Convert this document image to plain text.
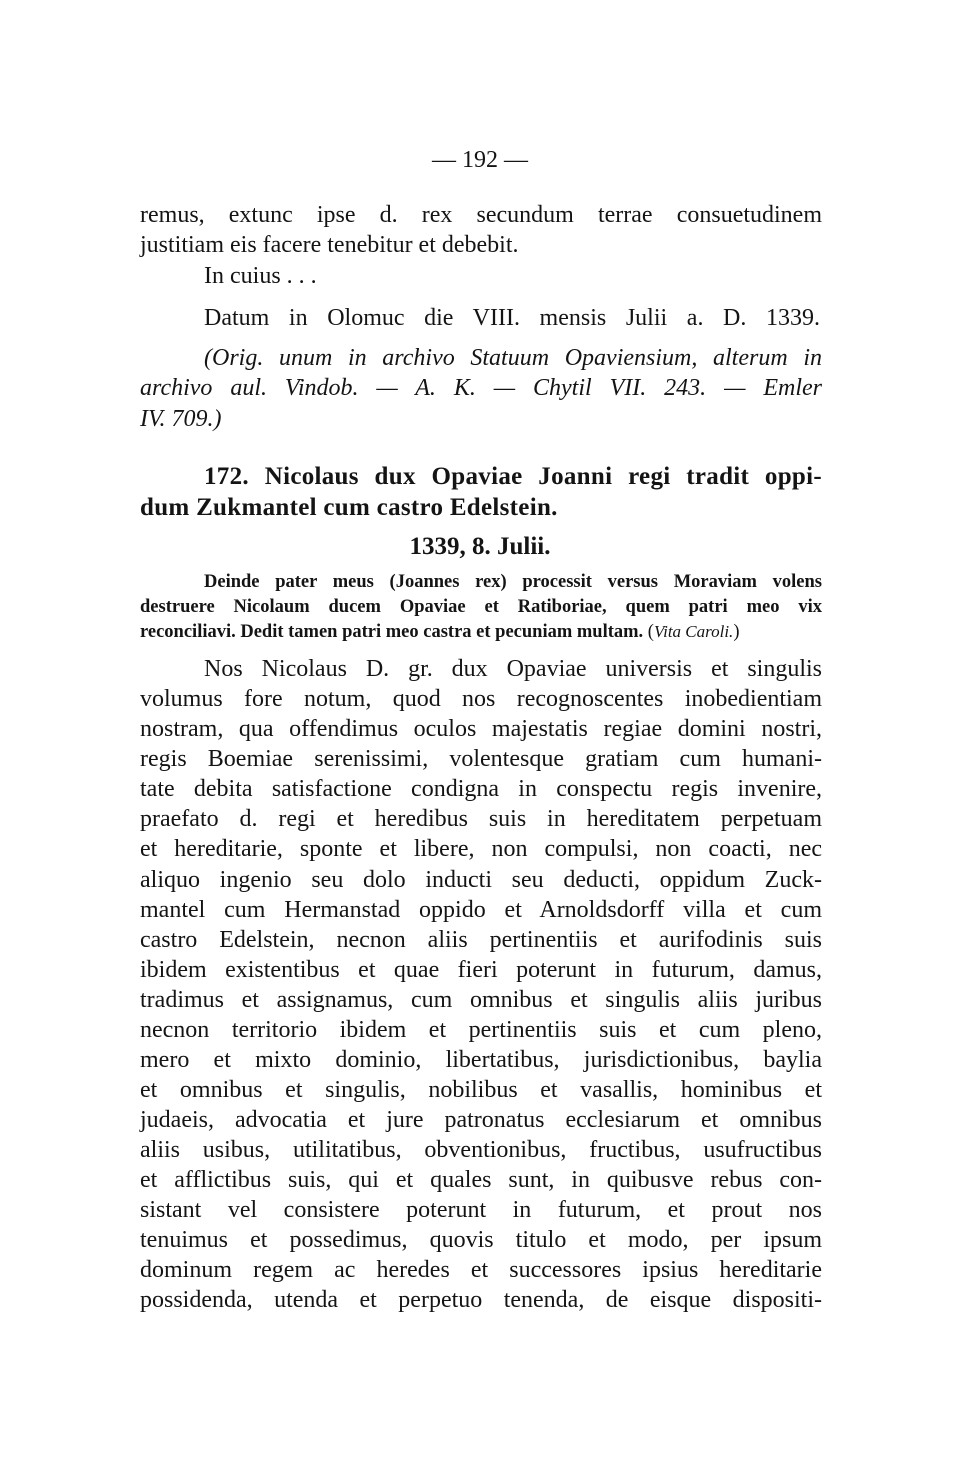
— 192 —
remus, extunc ipse d. rex secundum terrae consuetudinem
justitiam eis facere tenebitur et debebit.
In cuius . . .
Datum in Olomuc die VIII. mensis Julii a. D. 1339.
(Orig. unum in archivo Statuum Opaviensium, alterum in
archivo aul. Vindob. — A. K. — Chytil VII. 243. — Emler
IV. 709.)
172. Nicolaus dux Opaviae Joanni regi tradit oppi-
dum Zukmantel cum castro Edelstein.
1339, 8. Julii.
Deinde pater meus (Joannes rex) processit versus Moraviam volens
destruere Nicolaum ducem Opaviae et Ratiboriae, quem patri meo vix
reconciliavi. Dedit tamen patri meo castra et pecuniam multam. (Vita Caroli.)
Nos Nicolaus D. gr. dux Opaviae universis et singulis
volumus fore notum, quod nos recognoscentes inobedientiam
nostram, qua offendimus oculos majestatis regiae domini nostri,
regis Boemiae serenissimi, volentesque gratiam cum humani-
tate debita satisfactione condigna in conspectu regis invenire,
praefato d. regi et heredibus suis in hereditatem perpetuam
et hereditarie, sponte et libere, non compulsi, non coacti, nec
aliquo ingenio seu dolo inducti seu deducti, oppidum Zuck-
mantel cum Hermanstad oppido et Arnoldsdorff villa et cum
castro Edelstein, necnon aliis pertinentiis et aurifodinis suis
ibidem existentibus et quae fieri poterunt in futurum, damus,
tradimus et assignamus, cum omnibus et singulis aliis juribus
necnon territorio ibidem et pertinentiis suis et cum pleno,
mero et mixto dominio, libertatibus, jurisdictionibus, baylia
et omnibus et singulis, nobilibus et vasallis, hominibus et
judaeis, advocatia et jure patronatus ecclesiarum et omnibus
aliis usibus, utilitatibus, obventionibus, fructibus, usufructibus
et afflictibus suis, qui et quales sunt, in quibusve rebus con-
sistant vel consistere poterunt in futurum, et prout nos
tenuimus et possedimus, quovis titulo et modo, per ipsum
dominum regem ac heredes et successores ipsius hereditarie
possidenda, utenda et perpetuo tenenda, de eisque dispositi-
